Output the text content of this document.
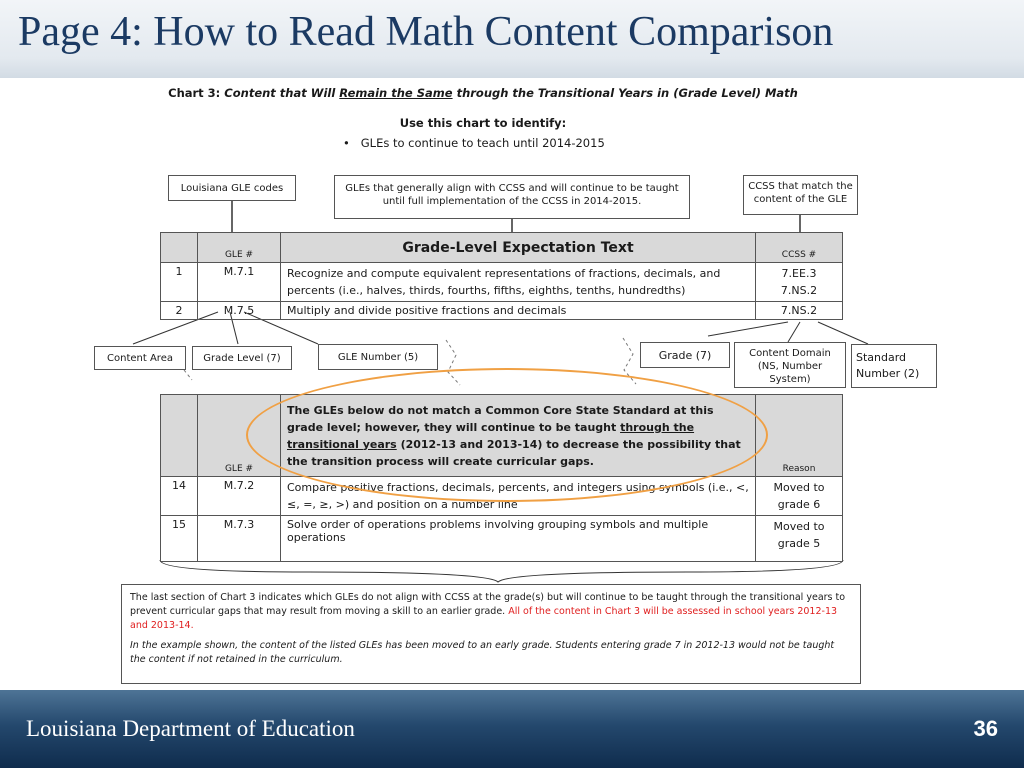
Page 4: How to Read Math Content Comparison
Chart 3: Content that Will Remain the Same through the Transitional Years in (Grade Level) Math
Use this chart to identify:
•   GLEs to continue to teach until 2014-2015
Louisiana GLE codes	GLEs that generally align with CCSS and will continue to be taught until full implementation of the CCSS in 2014-2015.
CCSS that match the content of the GLE
	GLE #	Grade-Level Expectation Text	CCSS #
1	M.7.1	Recognize and compute equivalent representations of fractions, decimals, and percents (i.e., halves, thirds, fourths, fifths, eighths, tenths, hundredths)	7.EE.3 7.NS.2
2	M.7.5	Multiply and divide positive fractions and decimals	7.NS.2
Content Area	Grade Level (7)	GLE Number (5)	Grade (7)	Content Domain (NS, Number System)
Standard Number (2)
	GLE #	The GLEs below do not match a Common Core State Standard at this grade level; however, they will continue to be taught through the transitional years (2012-13 and 2013-14) to decrease the possibility that the transition process will create curricular gaps.	Reason
14	M.7.2	Compare positive fractions, decimals, percents, and integers using symbols (i.e., <, ≤, =, ≥, >) and position on a number line	Moved to grade 6
15	M.7.3	Solve order of operations problems involving grouping symbols and multiple operations	Moved to grade 5
The last section of Chart 3 indicates which GLEs do not align with CCSS at the grade(s) but will continue to be taught through the transitional years to prevent curricular gaps that may result from moving a skill to an earlier grade. All of the content in Chart 3 will be assessed in school years 2012-13 and 2013-14.
In the example shown, the content of the listed GLEs has been moved to an early grade. Students entering grade 7 in 2012-13 would not be taught the content if not retained in the curriculum.
Louisiana Department of Education	36
